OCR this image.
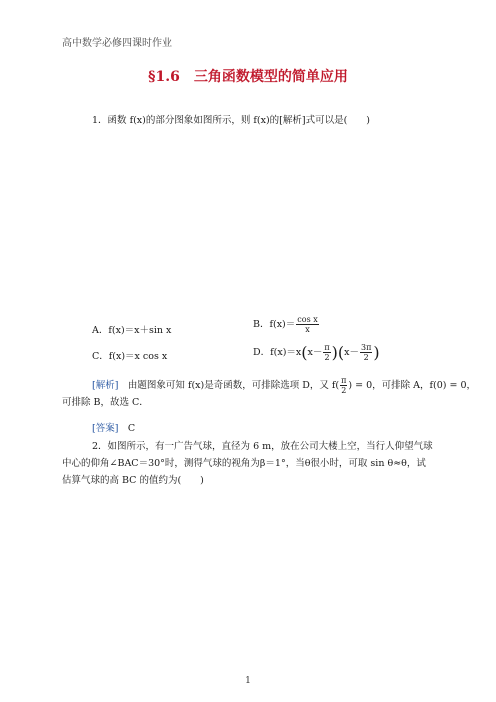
高中数学必修四课时作业
§1.6　三角函数模型的简单应用
1．函数 f(x)的部分图象如图所示，则 f(x)的[解析]式可以是(　　)
A．f(x)＝x＋sin x
B．$f(x)= \frac{\text{cos x}}{x}$
C．f(x)＝x cos x	D．$f(x)=x(x- \frac{\pi}{2} )(x- \frac{3\pi}{2}$ )
[解析]　由题图象可知 f(x)是奇函数，可排除选项 D，又 $f( \frac{\pi}{2}$ ) = 0，可排除 A，f(0) = 0，
可排除 B，故选 C．
[答案]　C
2．如图所示，有一广告气球，直径为 6 m，放在公司大楼上空，当行人仰望气球中心的仰角∠BAC＝30°时，测得气球的视角为β＝1°，当θ很小时，可取 sin θ≈θ，试估算气球的高 BC 的值约为(　　)
1
